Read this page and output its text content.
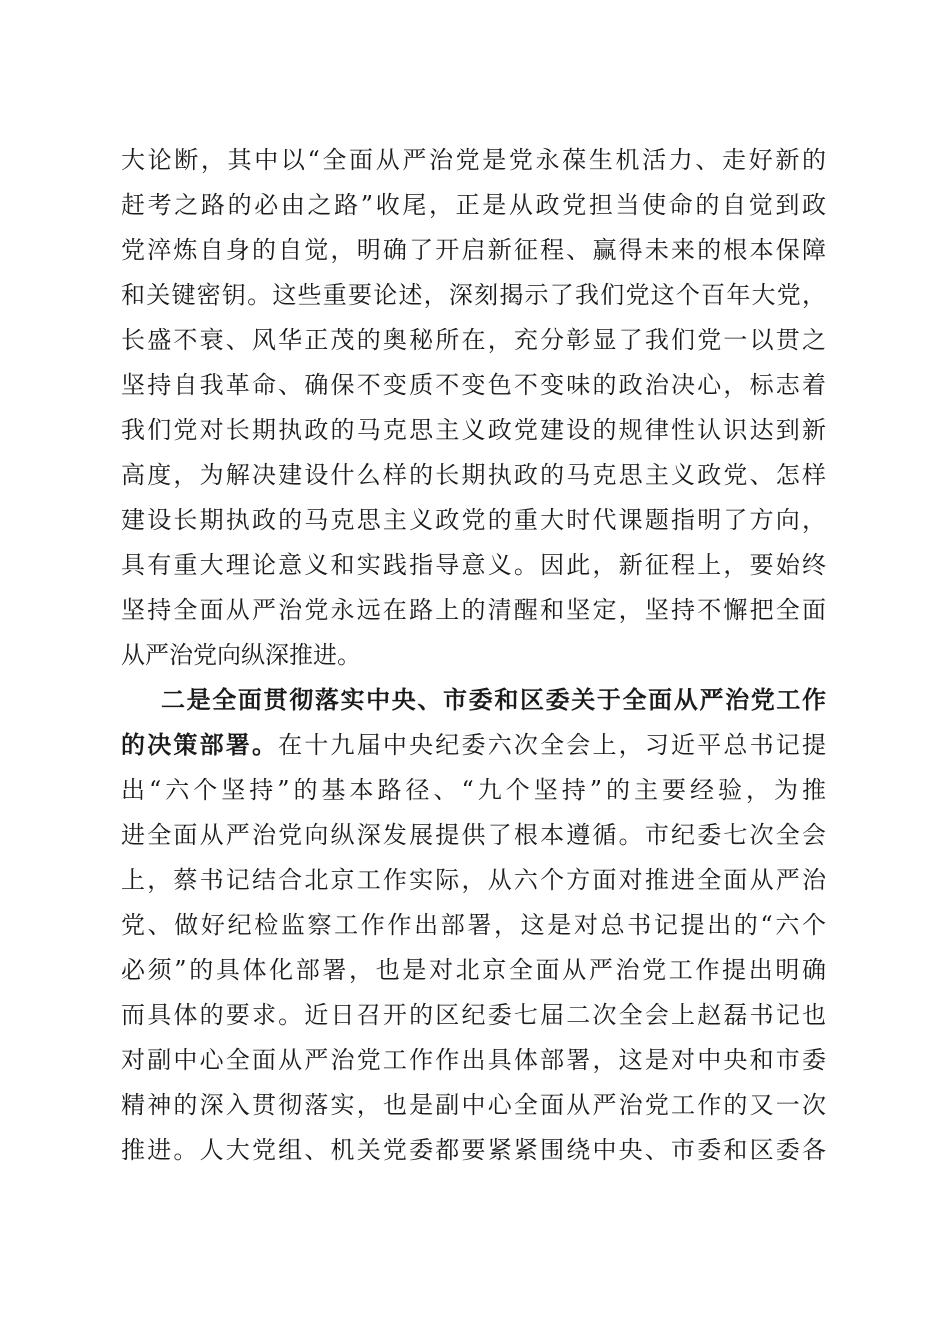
大论断，其中以“全面从严治党是党永葆生机活力、走好新的
赶考之路的必由之路”收尾，正是从政党担当使命的自觉到政
党淬炼自身的自觉，明确了开启新征程、赢得未来的根本保障
和关键密钥。这些重要论述，深刻揭示了我们党这个百年大党，
长盛不衰、风华正茂的奥秘所在，充分彰显了我们党一以贯之
坚持自我革命、确保不变质不变色不变味的政治决心，标志着
我们党对长期执政的马克思主义政党建设的规律性认识达到新
高度，为解决建设什么样的长期执政的马克思主义政党、怎样
建设长期执政的马克思主义政党的重大时代课题指明了方向，
具有重大理论意义和实践指导意义。因此，新征程上，要始终
坚持全面从严治党永远在路上的清醒和坚定，坚持不懈把全面
从严治党向纵深推进。
二是全面贯彻落实中央、市委和区委关于全面从严治党工作
的决策部署。在十九届中央纪委六次全会上，习近平总书记提
出“六个坚持”的基本路径、“九个坚持”的主要经验，为推
进全面从严治党向纵深发展提供了根本遵循。市纪委七次全会
上，蔡书记结合北京工作实际，从六个方面对推进全面从严治
党、做好纪检监察工作作出部署，这是对总书记提出的“六个
必须”的具体化部署，也是对北京全面从严治党工作提出明确
而具体的要求。近日召开的区纪委七届二次全会上赵磊书记也
对副中心全面从严治党工作作出具体部署，这是对中央和市委
精神的深入贯彻落实，也是副中心全面从严治党工作的又一次
推进。人大党组、机关党委都要紧紧围绕中央、市委和区委各
